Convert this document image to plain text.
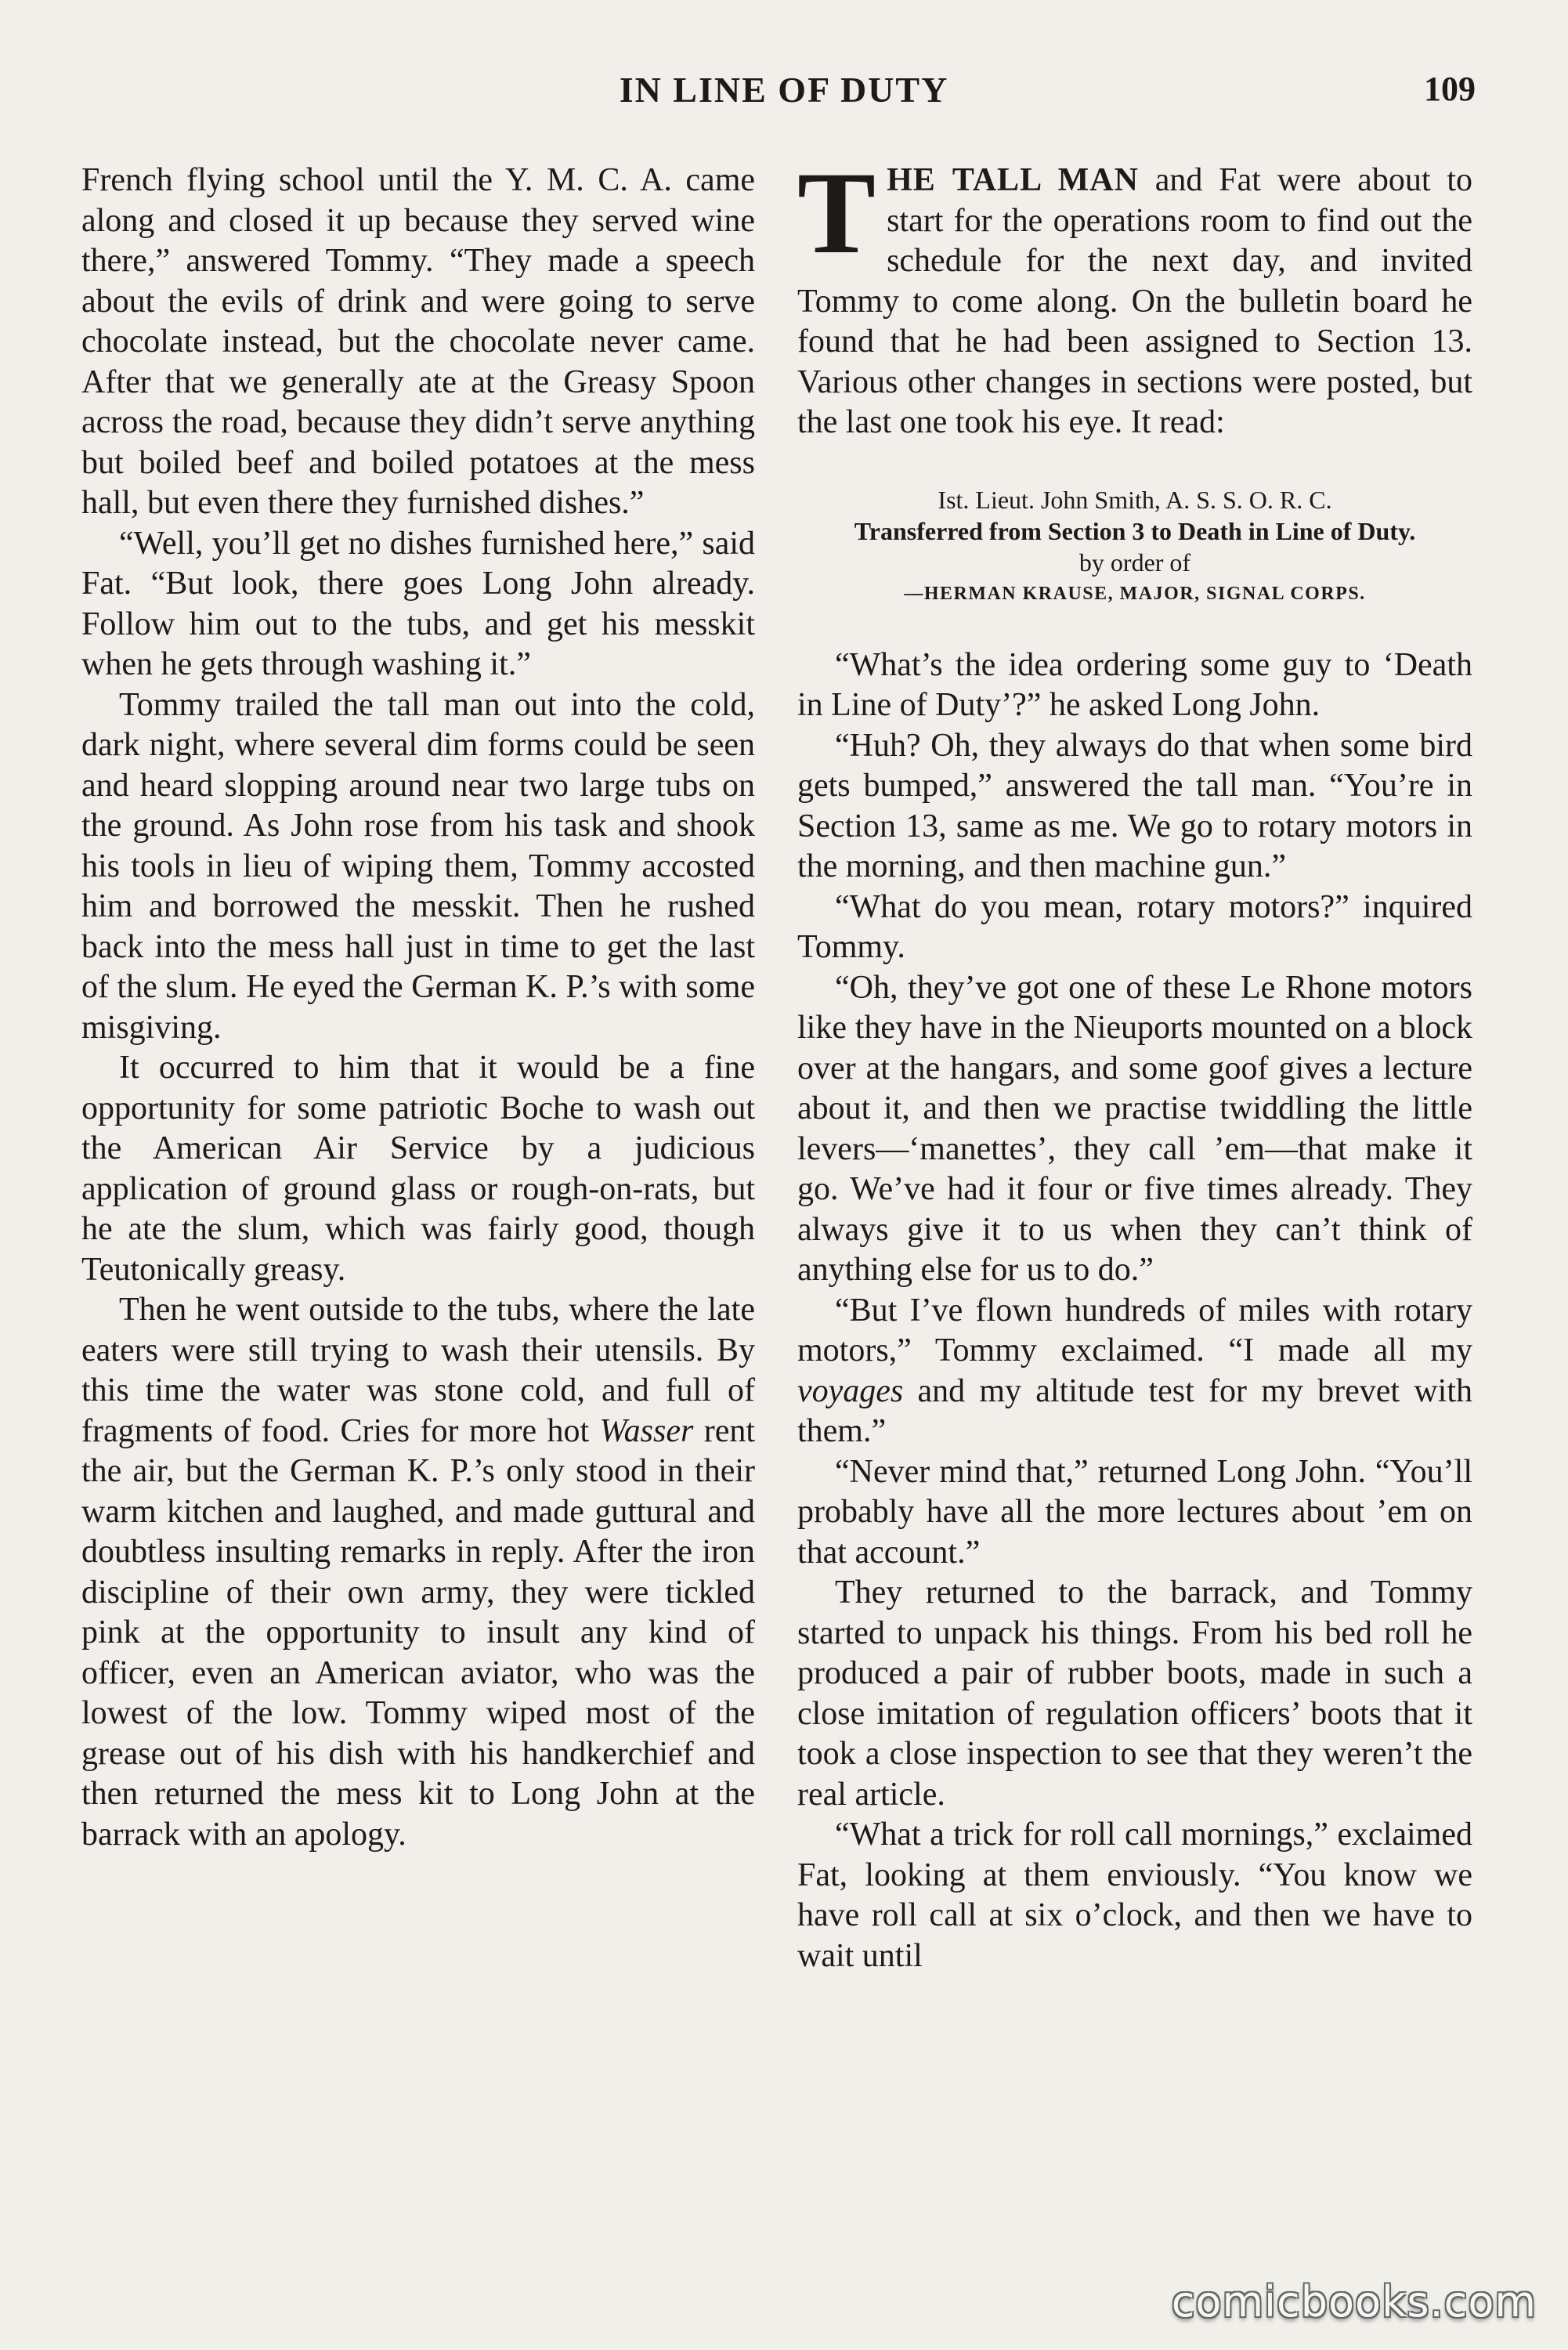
IN LINE OF DUTY	109

French flying school until the Y. M. C. A. came along and closed it up because they served wine there,” answered Tommy. “They made a speech about the evils of drink and were going to serve chocolate instead, but the chocolate never came. After that we generally ate at the Greasy Spoon across the road, because they didn’t serve anything but boiled beef and boiled potatoes at the mess hall, but even there they furnished dishes.”

“Well, you’ll get no dishes furnished here,” said Fat. “But look, there goes Long John already. Follow him out to the tubs, and get his messkit when he gets through washing it.”

Tommy trailed the tall man out into the cold, dark night, where several dim forms could be seen and heard slopping around near two large tubs on the ground. As John rose from his task and shook his tools in lieu of wiping them, Tommy accosted him and borrowed the messkit. Then he rushed back into the mess hall just in time to get the last of the slum. He eyed the German K. P.’s with some misgiving.

It occurred to him that it would be a fine opportunity for some patriotic Boche to wash out the American Air Service by a judicious application of ground glass or rough-on-rats, but he ate the slum, which was fairly good, though Teutonically greasy.

Then he went outside to the tubs, where the late eaters were still trying to wash their utensils. By this time the water was stone cold, and full of fragments of food. Cries for more hot Wasser rent the air, but the German K. P.’s only stood in their warm kitchen and laughed, and made guttural and doubtless insulting remarks in reply. After the iron discipline of their own army, they were tickled pink at the opportunity to insult any kind of officer, even an American aviator, who was the lowest of the low. Tommy wiped most of the grease out of his dish with his handkerchief and then returned the mess kit to Long John at the barrack with an apology.

THE TALL MAN and Fat were about to start for the operations room to find out the schedule for the next day, and invited Tommy to come along. On the bulletin board he found that he had been assigned to Section 13. Various other changes in sections were posted, but the last one took his eye. It read:

Ist. Lieut. John Smith, A. S. S. O. R. C.
Transferred from Section 3 to Death in Line of Duty.
by order of
—HERMAN KRAUSE, MAJOR, SIGNAL CORPS.

“What’s the idea ordering some guy to ‘Death in Line of Duty’?” he asked Long John.

“Huh? Oh, they always do that when some bird gets bumped,” answered the tall man. “You’re in Section 13, same as me. We go to rotary motors in the morning, and then machine gun.”

“What do you mean, rotary motors?” inquired Tommy.

“Oh, they’ve got one of these Le Rhone motors like they have in the Nieuports mounted on a block over at the hangars, and some goof gives a lecture about it, and then we practise twiddling the little levers—‘manettes’, they call ’em—that make it go. We’ve had it four or five times already. They always give it to us when they can’t think of anything else for us to do.”

“But I’ve flown hundreds of miles with rotary motors,” Tommy exclaimed. “I made all my voyages and my altitude test for my brevet with them.”

“Never mind that,” returned Long John. “You’ll probably have all the more lectures about ’em on that account.”

They returned to the barrack, and Tommy started to unpack his things. From his bed roll he produced a pair of rubber boots, made in such a close imitation of regulation officers’ boots that it took a close inspection to see that they weren’t the real article.

“What a trick for roll call mornings,” exclaimed Fat, looking at them enviously. “You know we have roll call at six o’clock, and then we have to wait until

comicbooks.com
